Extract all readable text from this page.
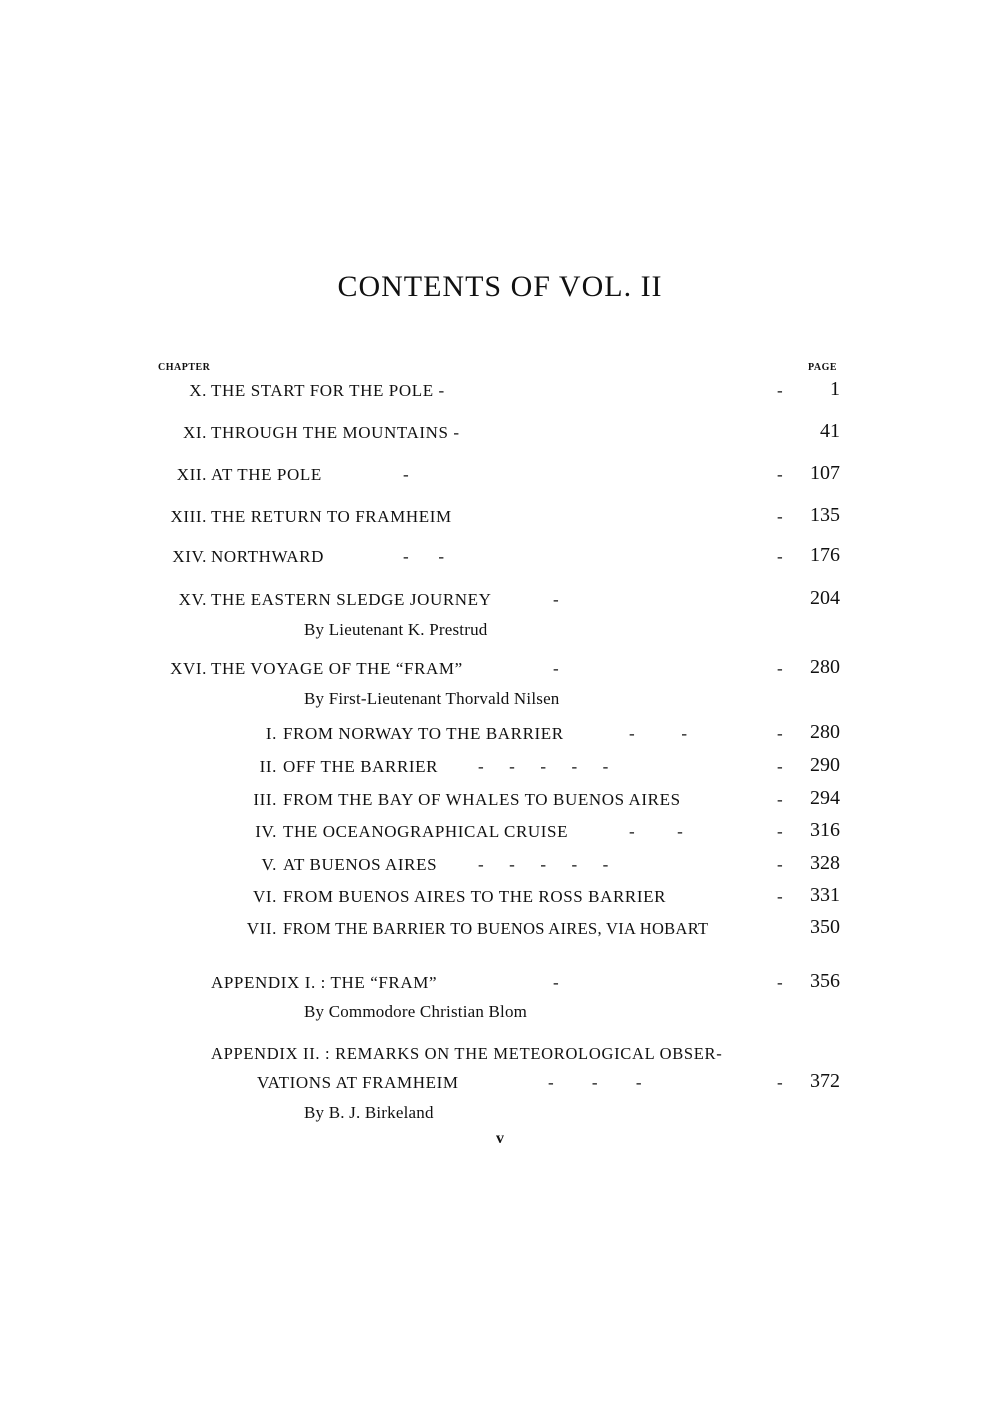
CONTENTS OF VOL. II
CHAPTER	PAGE
X. THE START FOR THE POLE -	-	1
XI. THROUGH THE MOUNTAINS -	41
XII. AT THE POLE	-	-	107
XIII. THE RETURN TO FRAMHEIM	-	135
XIV. NORTHWARD	-       -	-	176
XV. THE EASTERN SLEDGE JOURNEY	-	204
By Lieutenant K. Prestrud
XVI. THE VOYAGE OF THE “FRAM”	-	-	280
By First-Lieutenant Thorvald Nilsen
I. FROM NORWAY TO THE BARRIER	-           -	-	280
II. OFF THE BARRIER -      -      -      -      -	-	290
III. FROM THE BAY OF WHALES TO BUENOS AIRES	-	294
IV. THE OCEANOGRAPHICAL CRUISE	-          -	-	316
V. AT BUENOS AIRES -      -      -      -      -	-	328
VI. FROM BUENOS AIRES TO THE ROSS BARRIER	-	331
VII. FROM THE BARRIER TO BUENOS AIRES, VIA HOBART	350
APPENDIX I. : THE “FRAM”	-	-	356
By Commodore Christian Blom
APPENDIX II. : REMARKS ON THE METEOROLOGICAL OBSER-
VATIONS AT FRAMHEIM	-         -         -	-	372
By B. J. Birkeland
v
